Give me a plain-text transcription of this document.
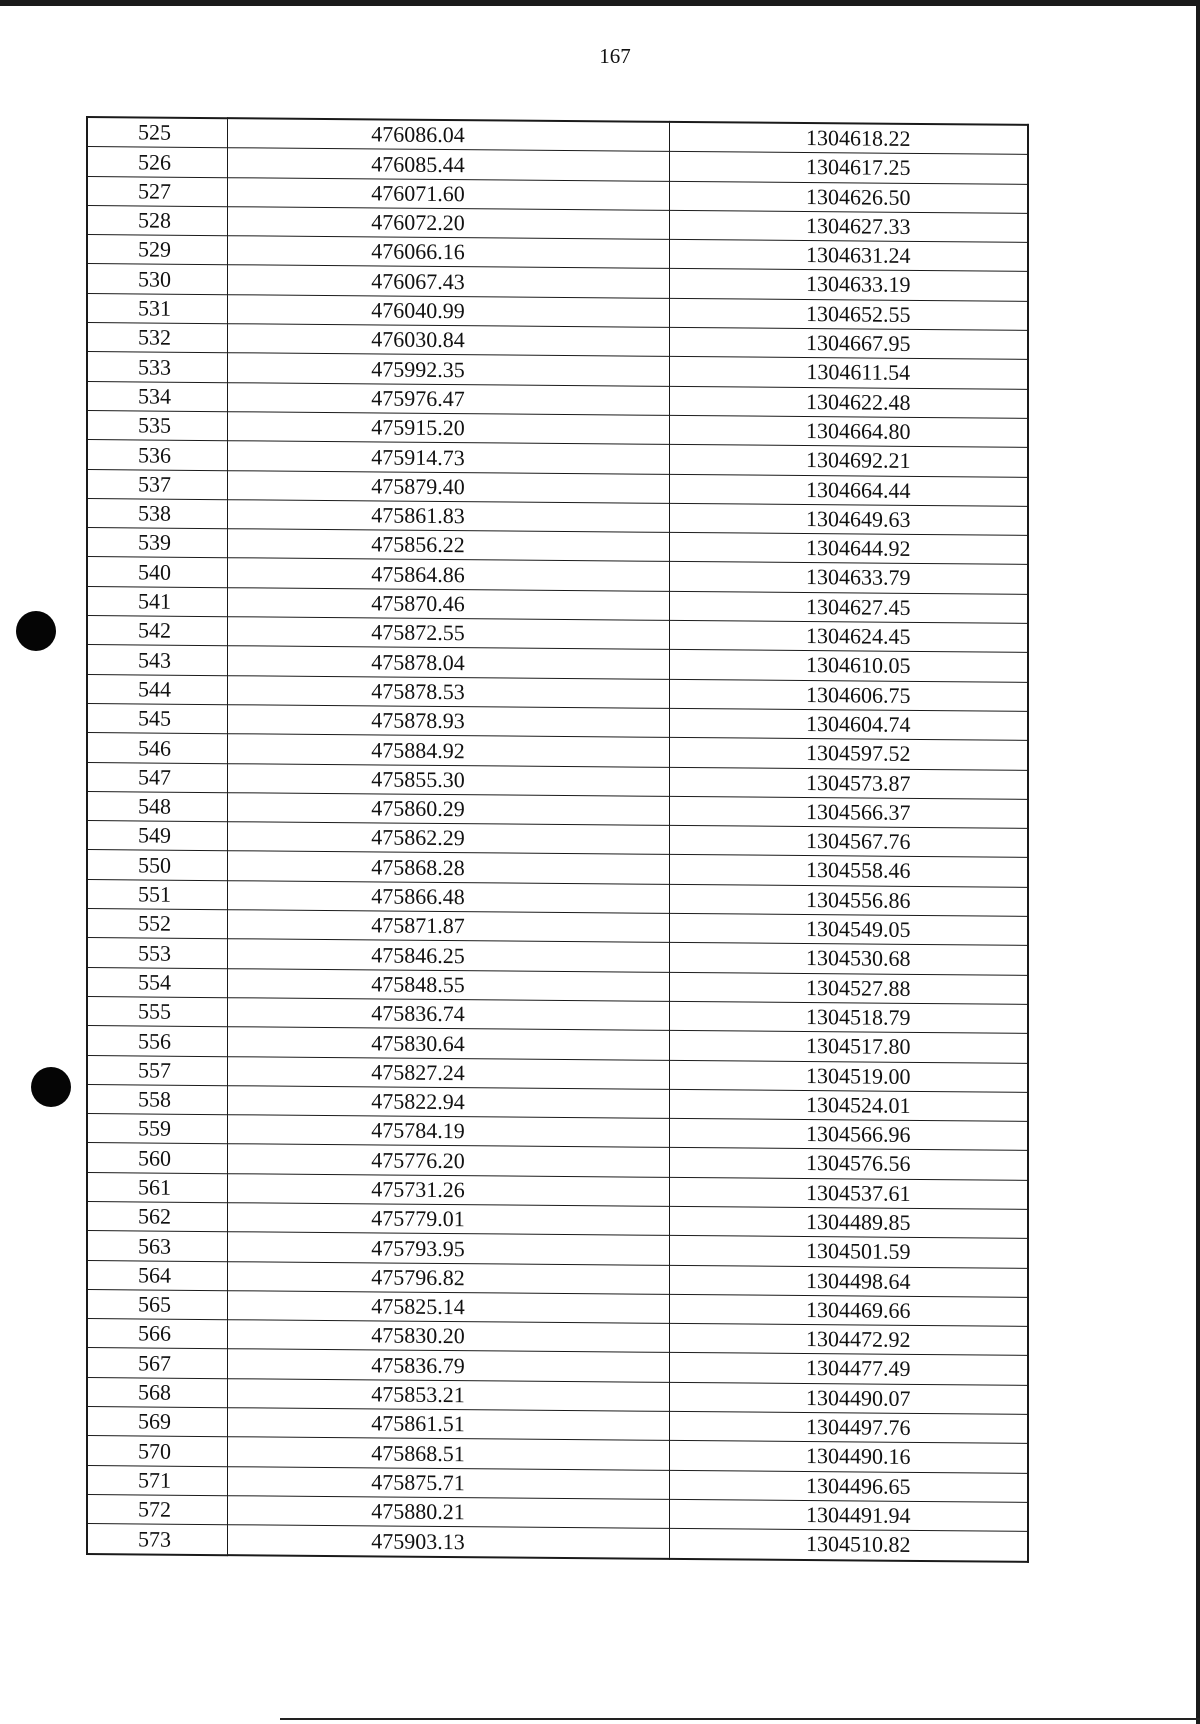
167
525	476086.04	1304618.22
526	476085.44	1304617.25
527	476071.60	1304626.50
528	476072.20	1304627.33
529	476066.16	1304631.24
530	476067.43	1304633.19
531	476040.99	1304652.55
532	476030.84	1304667.95
533	475992.35	1304611.54
534	475976.47	1304622.48
535	475915.20	1304664.80
536	475914.73	1304692.21
537	475879.40	1304664.44
538	475861.83	1304649.63
539	475856.22	1304644.92
540	475864.86	1304633.79
541	475870.46	1304627.45
542	475872.55	1304624.45
543	475878.04	1304610.05
544	475878.53	1304606.75
545	475878.93	1304604.74
546	475884.92	1304597.52
547	475855.30	1304573.87
548	475860.29	1304566.37
549	475862.29	1304567.76
550	475868.28	1304558.46
551	475866.48	1304556.86
552	475871.87	1304549.05
553	475846.25	1304530.68
554	475848.55	1304527.88
555	475836.74	1304518.79
556	475830.64	1304517.80
557	475827.24	1304519.00
558	475822.94	1304524.01
559	475784.19	1304566.96
560	475776.20	1304576.56
561	475731.26	1304537.61
562	475779.01	1304489.85
563	475793.95	1304501.59
564	475796.82	1304498.64
565	475825.14	1304469.66
566	475830.20	1304472.92
567	475836.79	1304477.49
568	475853.21	1304490.07
569	475861.51	1304497.76
570	475868.51	1304490.16
571	475875.71	1304496.65
572	475880.21	1304491.94
573	475903.13	1304510.82
